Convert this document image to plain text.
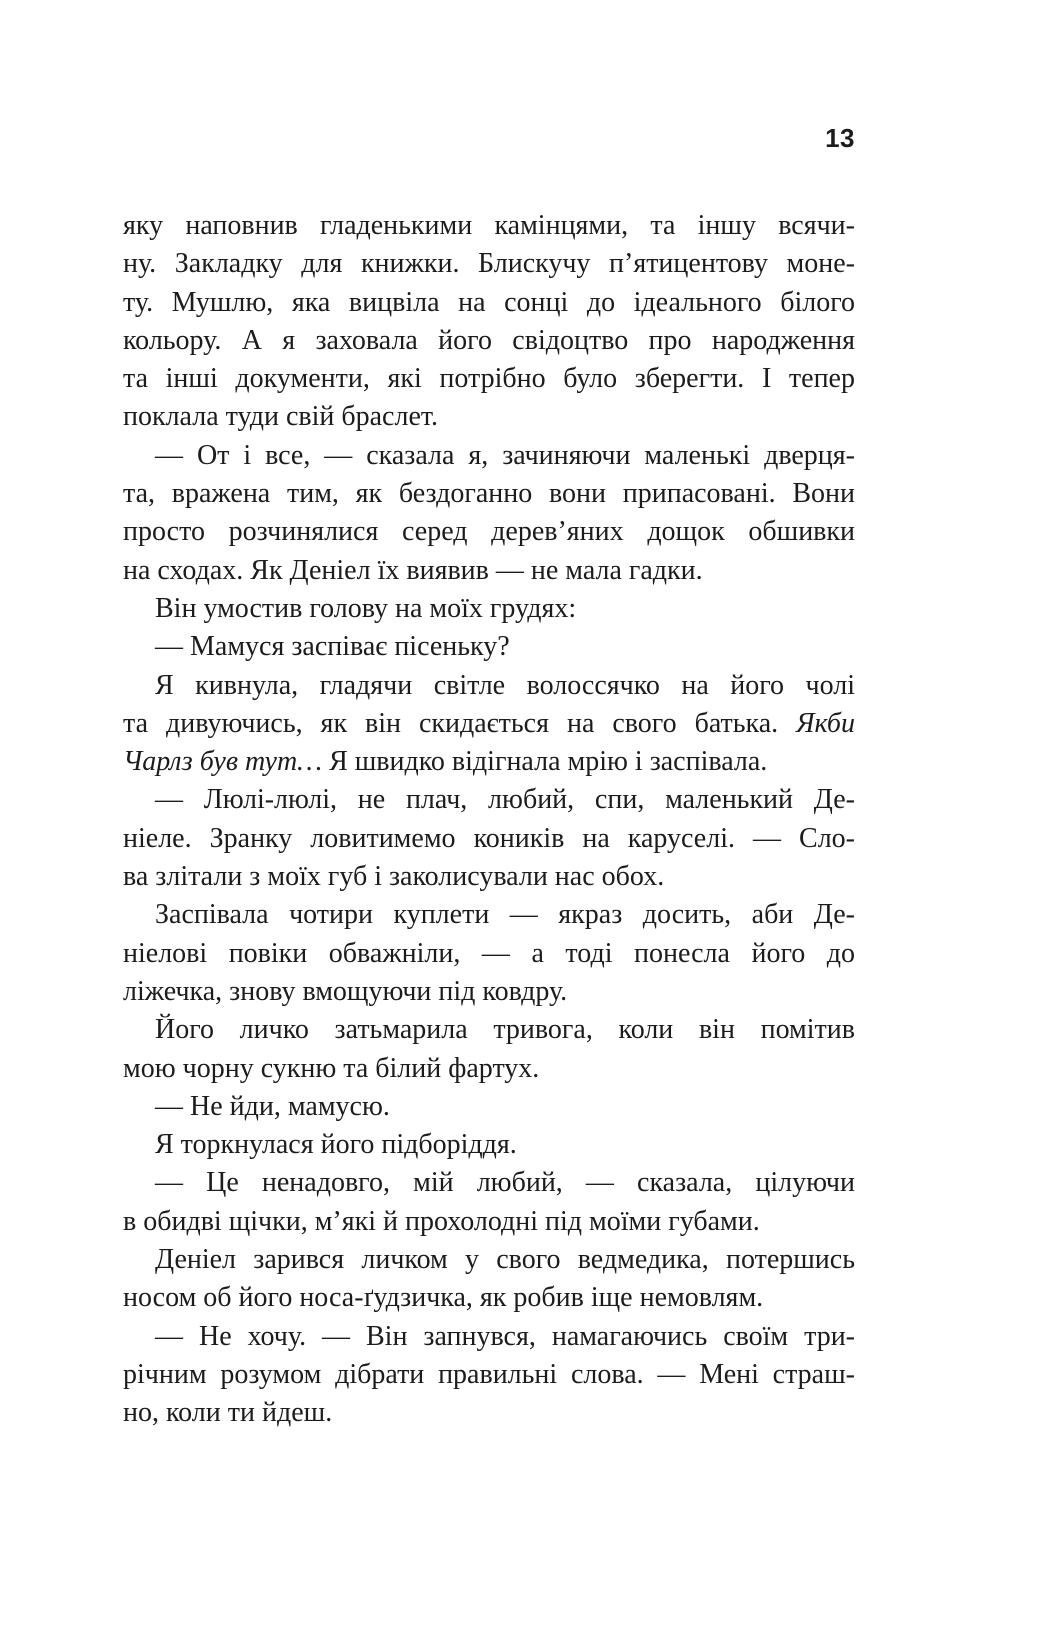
13
яку наповнив гладенькими камінцями, та іншу всячи-
ну. Закладку для книжки. Блискучу п’ятицентову моне-
ту. Мушлю, яка вицвіла на сонці до ідеального білого
кольору. А я заховала його свідоцтво про народження
та інші документи, які потрібно було зберегти. І тепер
поклала туди свій браслет.
— От і все, — сказала я, зачиняючи маленькі дверця-
та, вражена тим, як бездоганно вони припасовані. Вони
просто розчинялися серед дерев’яних дощок обшивки
на сходах. Як Деніел їх виявив — не мала гадки.
Він умостив голову на моїх грудях:
— Мамуся заспіває пісеньку?
Я кивнула, гладячи світле волоссячко на його чолі
та дивуючись, як він скидається на свого батька. Якби
Чарлз був тут… Я швидко відігнала мрію і заспівала.
— Люлі-люлі, не плач, любий, спи, маленький Де-
ніеле. Зранку ловитимемо коників на каруселі. — Сло-
ва злітали з моїх губ і заколисували нас обох.
Заспівала чотири куплети — якраз досить, аби Де-
ніелові повіки обважніли, — а тоді понесла його до
ліжечка, знову вмощуючи під ковдру.
Його личко затьмарила тривога, коли він помітив
мою чорну сукню та білий фартух.
— Не йди, мамусю.
Я торкнулася його підборіддя.
— Це ненадовго, мій любий, — сказала, цілуючи
в обидві щічки, м’які й прохолодні під моїми губами.
Деніел зарився личком у свого ведмедика, потершись
носом об його носа-ґудзичка, як робив іще немовлям.
— Не хочу. — Він запнувся, намагаючись своїм три-
річним розумом дібрати правильні слова. — Мені страш-
но, коли ти йдеш.
